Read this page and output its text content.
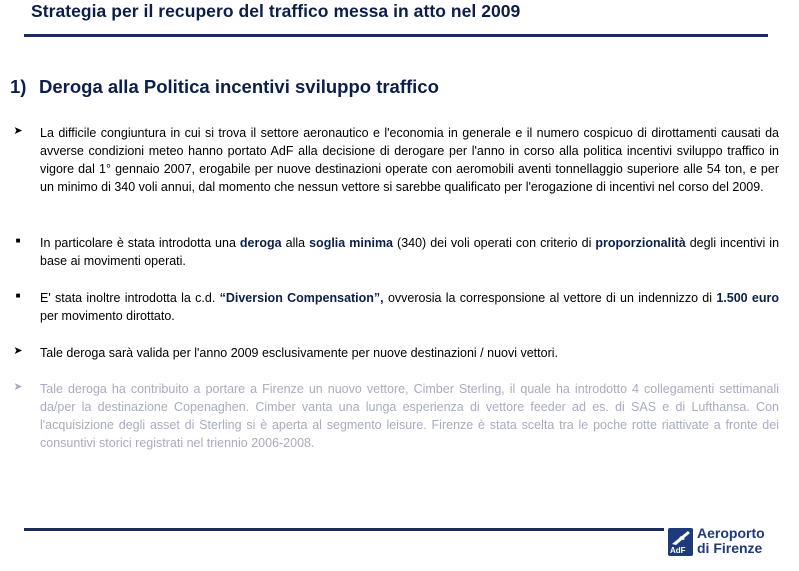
Strategia per il recupero del traffico messa in atto nel 2009
1) Deroga alla Politica incentivi sviluppo traffico
➤ La difficile congiuntura in cui si trova il settore aeronautico e l'economia in generale e il numero cospicuo di dirottamenti causati da avverse condizioni meteo hanno portato AdF alla decisione di derogare per l'anno in corso alla politica incentivi sviluppo traffico in vigore dal 1° gennaio 2007, erogabile per nuove destinazioni operate con aeromobili aventi tonnellaggio superiore alle 54 ton, e per un minimo di 340 voli annui, dal momento che nessun vettore si sarebbe qualificato per l'erogazione di incentivi nel corso del 2009.
■	In particolare è stata introdotta una deroga alla soglia minima (340) dei voli operati con criterio di proporzionalità degli incentivi in base ai movimenti operati.
■	E' stata inoltre introdotta la c.d. “Diversion Compensation”, ovverosia la corresponsione al vettore di un indennizzo di 1.500 euro per movimento dirottato.
➤ Tale deroga sarà valida per l'anno 2009 esclusivamente per nuove destinazioni / nuovi vettori.
➤ Tale deroga ha contribuito a portare a Firenze un nuovo vettore, Cimber Sterling, il quale ha introdotto 4 collegamenti settimanali da/per la destinazione Copenaghen. Cimber vanta una lunga esperienza di vettore feeder ad es. di SAS e di Lufthansa. Con l'acquisizione degli asset di Sterling si è aperta al segmento leisure. Firenze è stata scelta tra le poche rotte riattivate a fronte dei consuntivi storici registrati nel triennio 2006-2008.
AdF
Aeroporto
di Firenze
